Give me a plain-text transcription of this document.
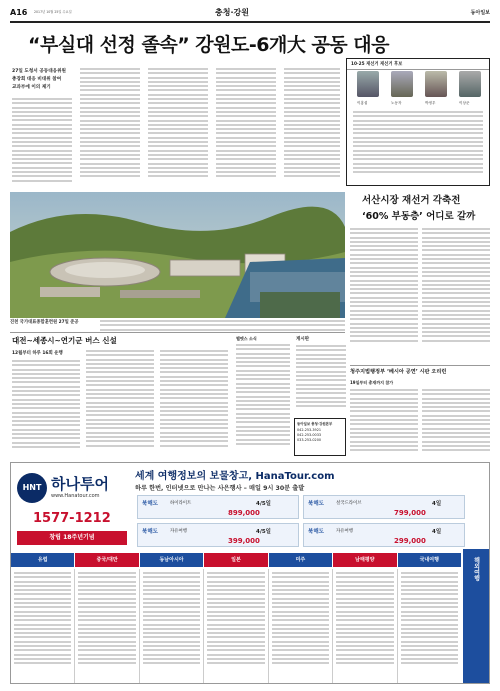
A16 2017년 10월 25일 수요일	충청·강원	동아일보
“부실대 선정 졸속” 강원도-6개大 공동 대응
27일 도청서 공동대응위원
총장회 대응 비대위 참여
교과부에 이의 제기
10·25 재선거 재선거 후보
이홍섭	노동자	박정우	이상준
진천 국가대표종합훈련원 27일 준공
서산시장 재선거 각축전
‘60% 부동층’ 어디로 갈까
대전∼세종시∼연기군 버스 신설
12월부터 하루 16회 운행
헬멧스 소식	게시판
동아일보 충청·강원본부
042-253-3921
042-253-0033
033-253-0200
청주지법행정부 ‘베시아 공연’ 시판 오리런
19일부터 총재까지 참가
HNT 하나투어
www.Hanatour.com
1577-1212
창립 18주년기념
세계 여행정보의 보물창고, HanaTour.com
하루 한번, 인터넷으로 만나는 사은행사 – 매일 9시 30분 출발
북해도	하이라이트	4/5일
899,000
북해도	설국드라이브	4일
799,000
북해도	자유여행	4/5일
399,000
북해도	자유여행	4일
299,000
유럽	중국/대만	동남아시아	일본	미주	남태평양	국내여행	해외여행
